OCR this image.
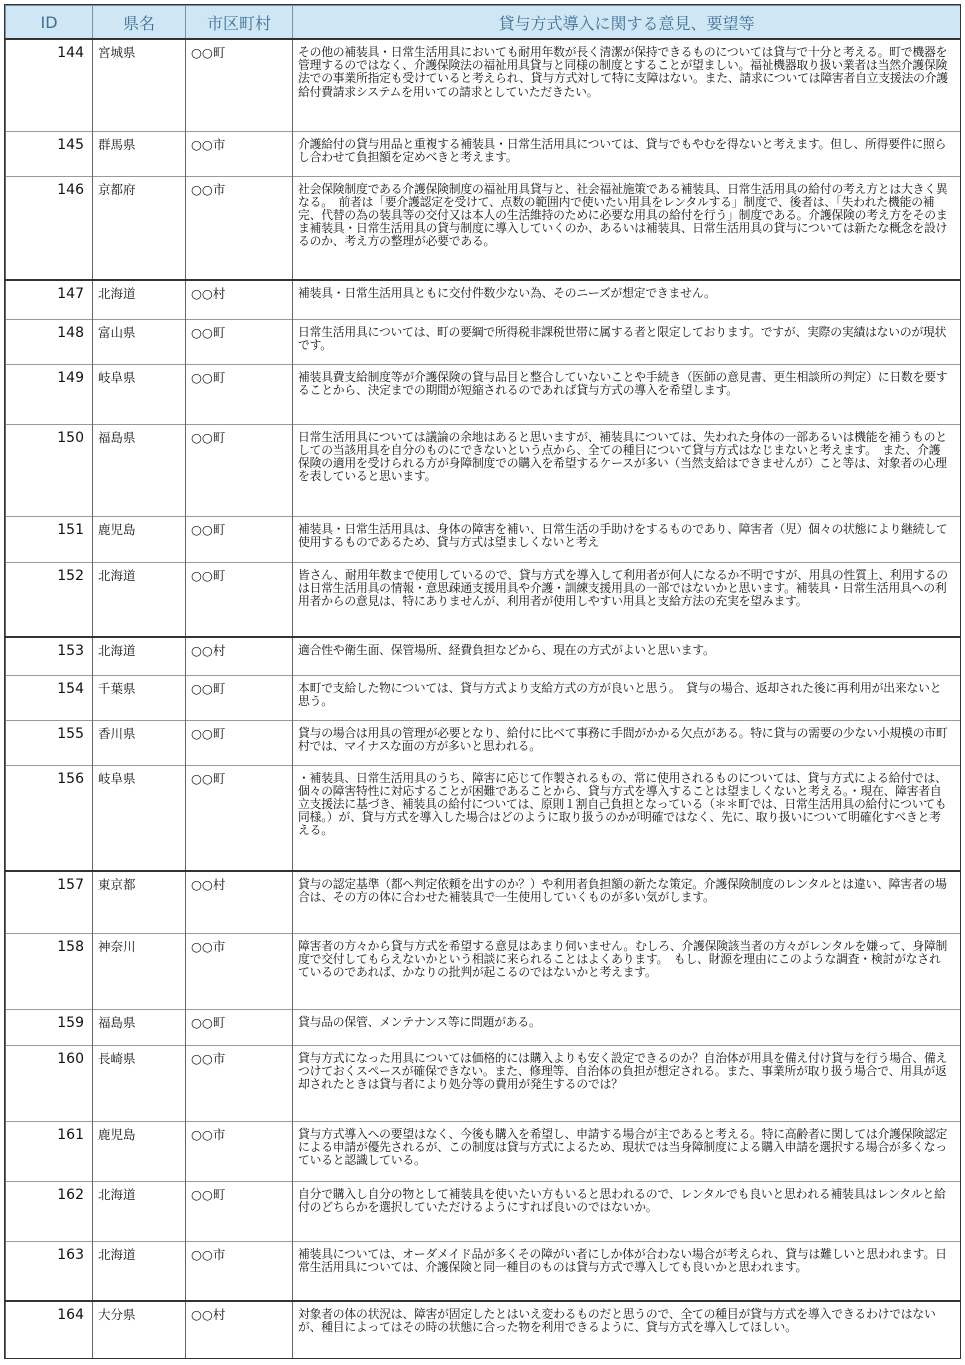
ID	県名	市区町村	貸与方式導入に関する意見、要望等
144	宮城県	○○町	その他の補装具・日常生活用具においても耐用年数が長く清潔が保持できるものについては貸与で十分と考える。町で機器を管理するのではなく、介護保険法の福祉用具貸与と同様の制度とすることが望ましい。福祉機器取り扱い業者は当然介護保険法での事業所指定も受けていると考えられ、貸与方式対して特に支障はない。また、請求については障害者自立支援法の介護給付費請求システムを用いての請求としていただきたい。
145	群馬県	○○市	介護給付の貸与用品と重複する補装具・日常生活用具については、貸与でもやむを得ないと考えます。但し、所得要件に照らし合わせて負担額を定めべきと考えます。
146	京都府	○○市	社会保険制度である介護保険制度の福祉用具貸与と、社会福祉施策である補装具、日常生活用具の給付の考え方とは大きく異なる。　前者は「要介護認定を受けて、点数の範囲内で使いたい用具をレンタルする」制度で、後者は、「失われた機能の補完、代替の為の装具等の交付又は本人の生活維持のために必要な用具の給付を行う」制度である。介護保険の考え方をそのまま補装具・日常生活用具の貸与制度に導入していくのか、あるいは補装具、日常生活用具の貸与については新たな概念を設けるのか、考え方の整理が必要である。
147	北海道	○○村	補装具・日常生活用具ともに交付件数少ない為、そのニーズが想定できません。
148	富山県	○○町	日常生活用具については、町の要綱で所得税非課税世帯に属する者と限定しております。ですが、実際の実績はないのが現状です。
149	岐阜県	○○町	補装具費支給制度等が介護保険の貸与品目と整合していないことや手続き（医師の意見書、更生相談所の判定）に日数を要することから、決定までの期間が短縮されるのであれば貸与方式の導入を希望します。
150	福島県	○○町	日常生活用具については議論の余地はあると思いますが、補装具については、失われた身体の一部あるいは機能を補うものとしての当該用具を自分のものにできないという点から、全ての種目について貸与方式はなじまないと考えます。　また、介護保険の適用を受けられる方が身障制度での購入を希望するケースが多い（当然支給はできませんが）こと等は、対象者の心理を表していると思います。
151	鹿児島	○○町	補装具・日常生活用具は、身体の障害を補い、日常生活の手助けをするものであり、障害者（児）個々の状態により継続して使用するものであるため、貸与方式は望ましくないと考え
152	北海道	○○町	皆さん、耐用年数まで使用しているので、貸与方式を導入して利用者が何人になるか不明ですが、用具の性質上、利用するのは日常生活用具の情報・意思疎通支援用具や介護・訓練支援用具の一部ではないかと思います。補装具・日常生活用具への利用者からの意見は、特にありませんが、利用者が使用しやすい用具と支給方法の充実を望みます。
153	北海道	○○村	適合性や衛生面、保管場所、経費負担などから、現在の方式がよいと思います。
154	千葉県	○○町	本町で支給した物については、貸与方式より支給方式の方が良いと思う。　貸与の場合、返却された後に再利用が出来ないと思う。
155	香川県	○○町	貸与の場合は用具の管理が必要となり、給付に比べて事務に手間がかかる欠点がある。特に貸与の需要の少ない小規模の市町村では、マイナスな面の方が多いと思われる。
156	岐阜県	○○町	・補装具、日常生活用具のうち、障害に応じて作製されるもの、常に使用されるものについては、貸与方式による給付では、個々の障害特性に対応することが困難であることから、貸与方式を導入することは望ましくないと考える。・現在、障害者自立支援法に基づき、補装具の給付については、原則１割自己負担となっている（＊＊町では、日常生活用具の給付についても同様。）が、貸与方式を導入した場合はどのように取り扱うのかが明確ではなく、先に、取り扱いについて明確化すべきと考える。
157	東京都	○○村	貸与の認定基準（都へ判定依頼を出すのか？）や利用者負担額の新たな策定。介護保険制度のレンタルとは違い、障害者の場合は、その方の体に合わせた補装具で一生使用していくものが多い気がします。
158	神奈川	○○市	障害者の方々から貸与方式を希望する意見はあまり伺いません。むしろ、介護保険該当者の方々がレンタルを嫌って、身障制度で交付してもらえないかという相談に来られることはよくあります。　もし、財源を理由にこのような調査・検討がなされているのであれば、かなりの批判が起こるのではないかと考えます。
159	福島県	○○町	貸与品の保管、メンテナンス等に問題がある。
160	長崎県	○○市	貸与方式になった用具については価格的には購入よりも安く設定できるのか？自治体が用具を備え付け貸与を行う場合、備えつけておくスペースが確保できない。また、修理等、自治体の負担が想定される。また、事業所が取り扱う場合で、用具が返却されたときは貸与者により処分等の費用が発生するのでは？
161	鹿児島	○○市	貸与方式導入への要望はなく、今後も購入を希望し、申請する場合が主であると考える。特に高齢者に関しては介護保険認定による申請が優先されるが、この制度は貸与方式によるため、現状では当身障制度による購入申請を選択する場合が多くなっていると認識している。
162	北海道	○○町	自分で購入し自分の物として補装具を使いたい方もいると思われるので、レンタルでも良いと思われる補装具はレンタルと給付のどちらかを選択していただけるようにすれば良いのではないか。
163	北海道	○○市	補装具については、オーダメイド品が多くその障がい者にしか体が合わない場合が考えられ、貸与は難しいと思われます。日常生活用具については、介護保険と同一種目のものは貸与方式で導入しても良いかと思われます。
164	大分県	○○村	対象者の体の状況は、障害が固定したとはいえ変わるものだと思うので、全ての種目が貸与方式を導入できるわけではないが、種目によってはその時の状態に合った物を利用できるように、貸与方式を導入してほしい。
